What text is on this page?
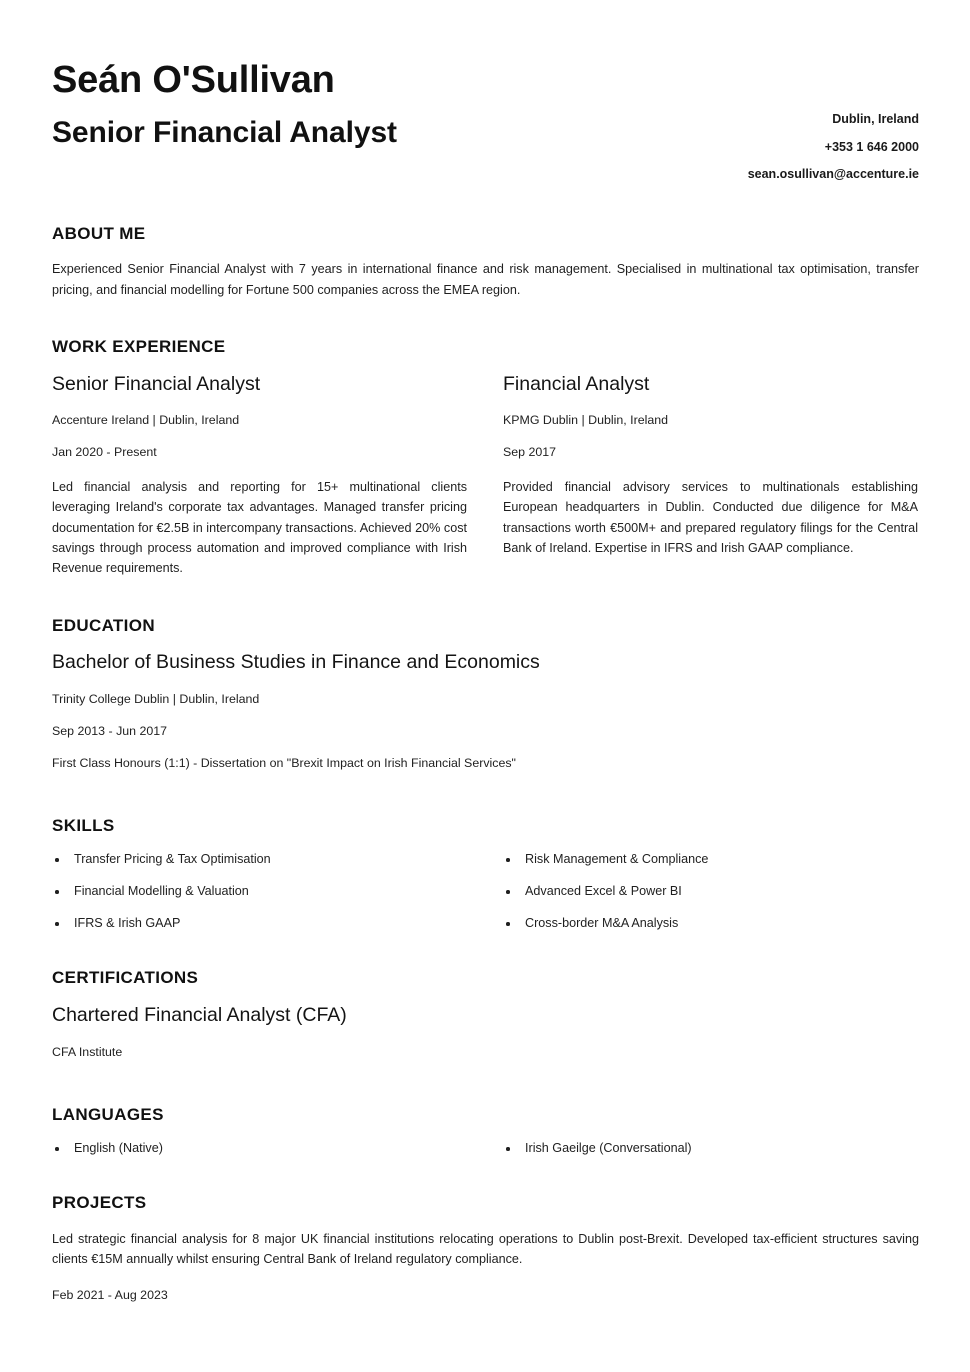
Seán O'Sullivan
Senior Financial Analyst	Dublin, Ireland
+353 1 646 2000
sean.osullivan@accenture.ie
ABOUT ME

Experienced Senior Financial Analyst with 7 years in international finance and risk management. Specialised in multinational tax optimisation, transfer pricing, and financial modelling for Fortune 500 companies across the EMEA region.

WORK EXPERIENCE
Senior Financial Analyst
Accenture Ireland | Dublin, Ireland
Jan 2020 - Present

Led financial analysis and reporting for 15+ multinational clients leveraging Ireland's corporate tax advantages. Managed transfer pricing documentation for €2.5B in intercompany transactions. Achieved 20% cost savings through process automation and improved compliance with Irish Revenue requirements.

Financial Analyst
KPMG Dublin | Dublin, Ireland
Sep 2017

Provided financial advisory services to multinationals establishing European headquarters in Dublin. Conducted due diligence for M&A transactions worth €500M+ and prepared regulatory filings for the Central Bank of Ireland. Expertise in IFRS and Irish GAAP compliance.

EDUCATION
Bachelor of Business Studies in Finance and Economics
Trinity College Dublin | Dublin, Ireland
Sep 2013 - Jun 2017
First Class Honours (1:1) - Dissertation on "Brexit Impact on Irish Financial Services"
SKILLS
Transfer Pricing & Tax Optimisation
Financial Modelling & Valuation
IFRS & Irish GAAP
Risk Management & Compliance
Advanced Excel & Power BI
Cross-border M&A Analysis
CERTIFICATIONS
Chartered Financial Analyst (CFA)
CFA Institute
LANGUAGES
English (Native)	Irish Gaeilge (Conversational)
PROJECTS

Led strategic financial analysis for 8 major UK financial institutions relocating operations to Dublin post-Brexit. Developed tax-efficient structures saving clients €15M annually whilst ensuring Central Bank of Ireland regulatory compliance.

Feb 2021 - Aug 2023
